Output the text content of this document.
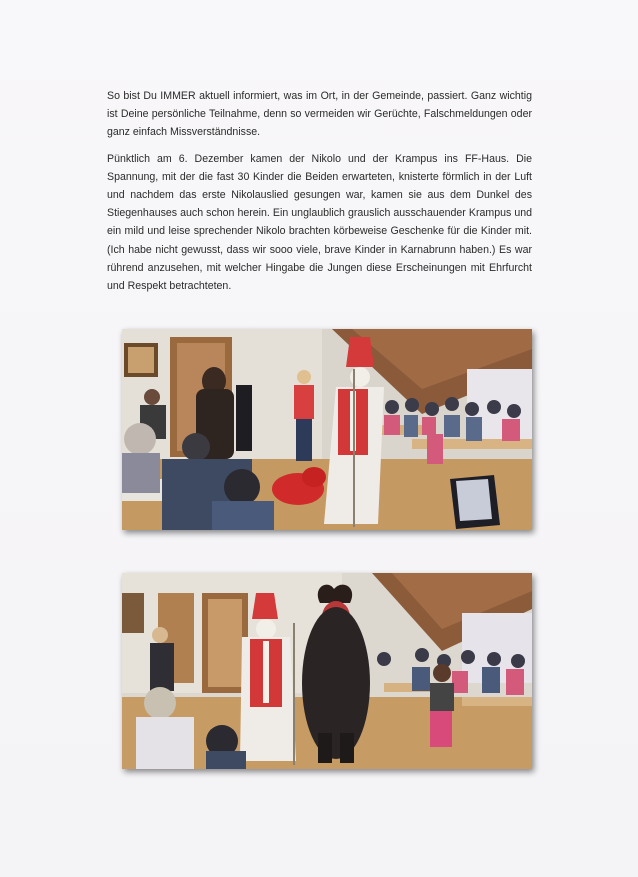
So bist Du IMMER aktuell informiert, was im Ort, in der Gemeinde, passiert. Ganz wichtig ist Deine persönliche Teilnahme, denn so vermeiden wir Gerüchte, Falschmeldungen oder ganz einfach Missverständnisse.

Pünktlich am 6. Dezember kamen der Nikolo und der Krampus ins FF-Haus. Die Spannung, mit der die fast 30 Kinder die Beiden erwarteten, knisterte förmlich in der Luft und nachdem das erste Nikolauslied gesungen war, kamen sie aus dem Dunkel des Stiegenhauses auch schon herein. Ein unglaublich grauslich ausschauender Krampus und ein mild und leise sprechender Nikolo brachten körbeweise Geschenke für die Kinder mit. (Ich habe nicht gewusst, dass wir sooo viele, brave Kinder in Karnabrunn haben.) Es war rührend anzusehen, mit welcher Hingabe die Jungen diese Erscheinungen mit Ehrfurcht und Respekt betrachteten.
